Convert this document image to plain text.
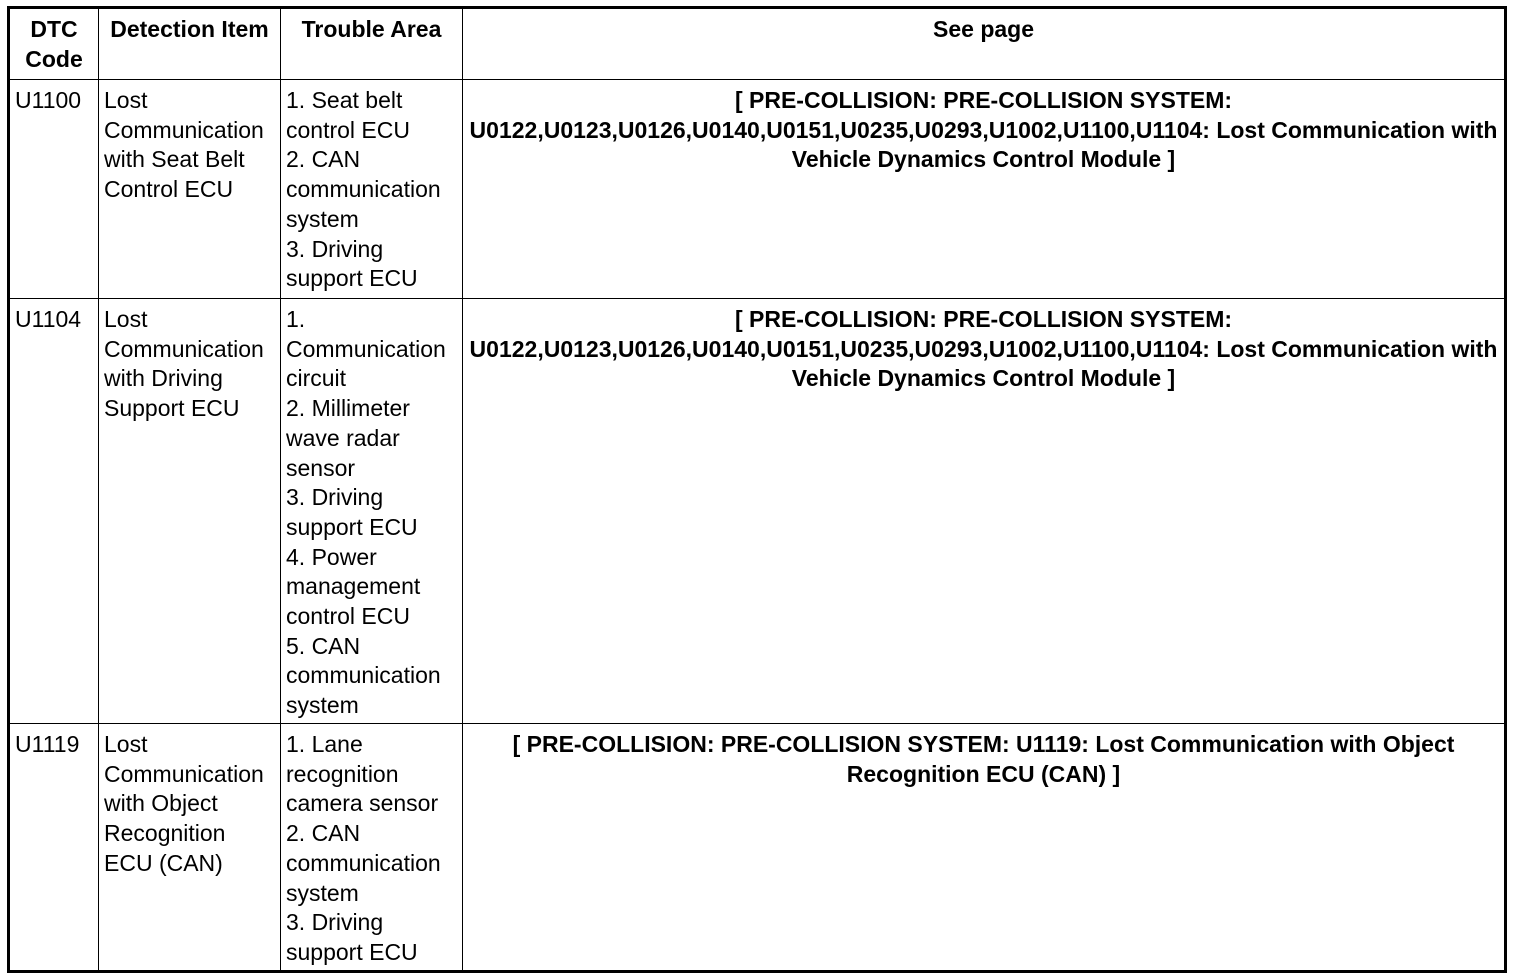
DTC Code	Detection Item	Trouble Area	See page
U1100	Lost Communication with Seat Belt Control ECU	1. Seat belt control ECU
2. CAN communication system
3. Driving support ECU	[ PRE-COLLISION: PRE-COLLISION SYSTEM: U0122,U0123,U0126,U0140,U0151,U0235,U0293,U1002,U1100,U1104: Lost Communication with Vehicle Dynamics Control Module ]
U1104	Lost Communication with Driving Support ECU	1. Communication circuit
2. Millimeter wave radar sensor
3. Driving support ECU
4. Power management control ECU
5. CAN communication system	[ PRE-COLLISION: PRE-COLLISION SYSTEM: U0122,U0123,U0126,U0140,U0151,U0235,U0293,U1002,U1100,U1104: Lost Communication with Vehicle Dynamics Control Module ]
U1119	Lost Communication with Object Recognition ECU (CAN)	1. Lane recognition camera sensor
2. CAN communication system
3. Driving support ECU	[ PRE-COLLISION: PRE-COLLISION SYSTEM: U1119: Lost Communication with Object Recognition ECU (CAN) ]
